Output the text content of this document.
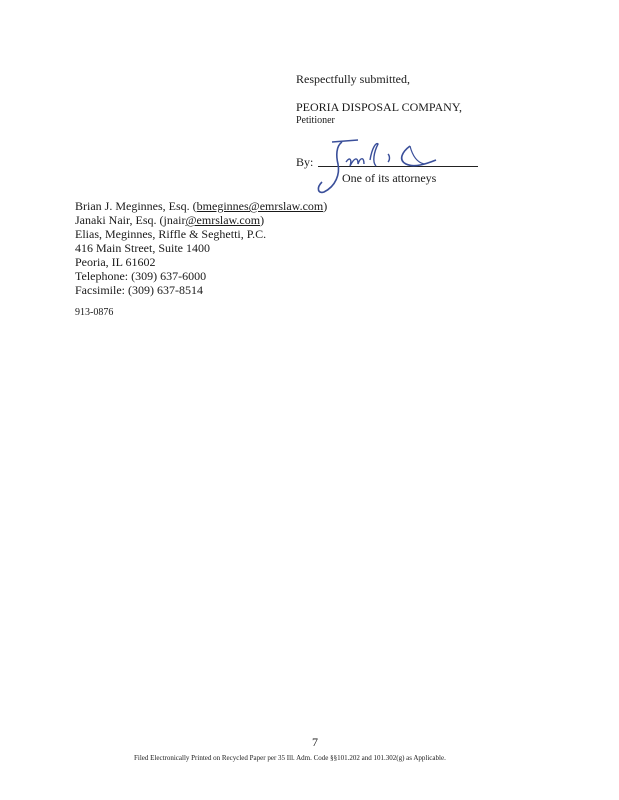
Respectfully submitted,
PEORIA DISPOSAL COMPANY,
Petitioner
By:
One of its attorneys
Brian J. Meginnes, Esq. (bmeginnes@emrslaw.com)
Janaki Nair, Esq. (jnair@emrslaw.com)
Elias, Meginnes, Riffle & Seghetti, P.C.
416 Main Street, Suite 1400
Peoria, IL 61602
Telephone: (309) 637-6000
Facsimile: (309) 637-8514
913-0876
7
Filed Electronically Printed on Recycled Paper per 35 Ill. Adm. Code §§101.202 and 101.302(g) as Applicable.
